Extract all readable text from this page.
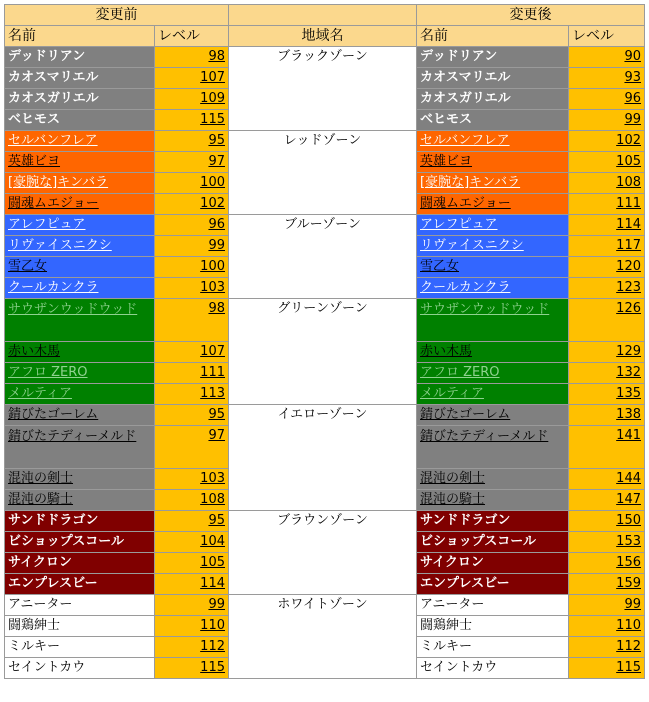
変更前			変更後	
名前	レベル	地域名	名前	レベル
デッドリアン	98	ブラックゾーン	デッドリアン	90
カオスマリエル	107		カオスマリエル	93
カオスガリエル	109		カオスガリエル	96
ベヒモス	115		ベヒモス	99
セルバンフレア	95	レッドゾーン	セルバンフレア	102
英雄ビヨ	97		英雄ビヨ	105
[豪腕な]キンバラ	100		[豪腕な]キンバラ	108
闘魂ムエジョー	102		闘魂ムエジョー	111
アレフピュア	96	ブルーゾーン	アレフピュア	114
リヴァイスニクシ	99		リヴァイスニクシ	117
雪乙女	100		雪乙女	120
クールカンクラ	103		クールカンクラ	123
サウザンウッドウッド	98	グリーンゾーン	サウザンウッドウッド	126
赤い木馬	107		赤い木馬	129
アフロ ZERO	111		アフロ ZERO	132
メルティア	113		メルティア	135
錆びたゴーレム	95	イエローゾーン	錆びたゴーレム	138
錆びたテディーメルド	97		錆びたテディーメルド	141
混沌の剣士	103		混沌の剣士	144
混沌の騎士	108		混沌の騎士	147
サンドドラゴン	95	ブラウンゾーン	サンドドラゴン	150
ビショップスコール	104		ビショップスコール	153
サイクロン	105		サイクロン	156
エンプレスビー	114		エンプレスビー	159
アニーター	99	ホワイトゾーン	アニーター	99
闘鶏紳士	110		闘鶏紳士	110
ミルキー	112		ミルキー	112
セイントカウ	115		セイントカウ	115
